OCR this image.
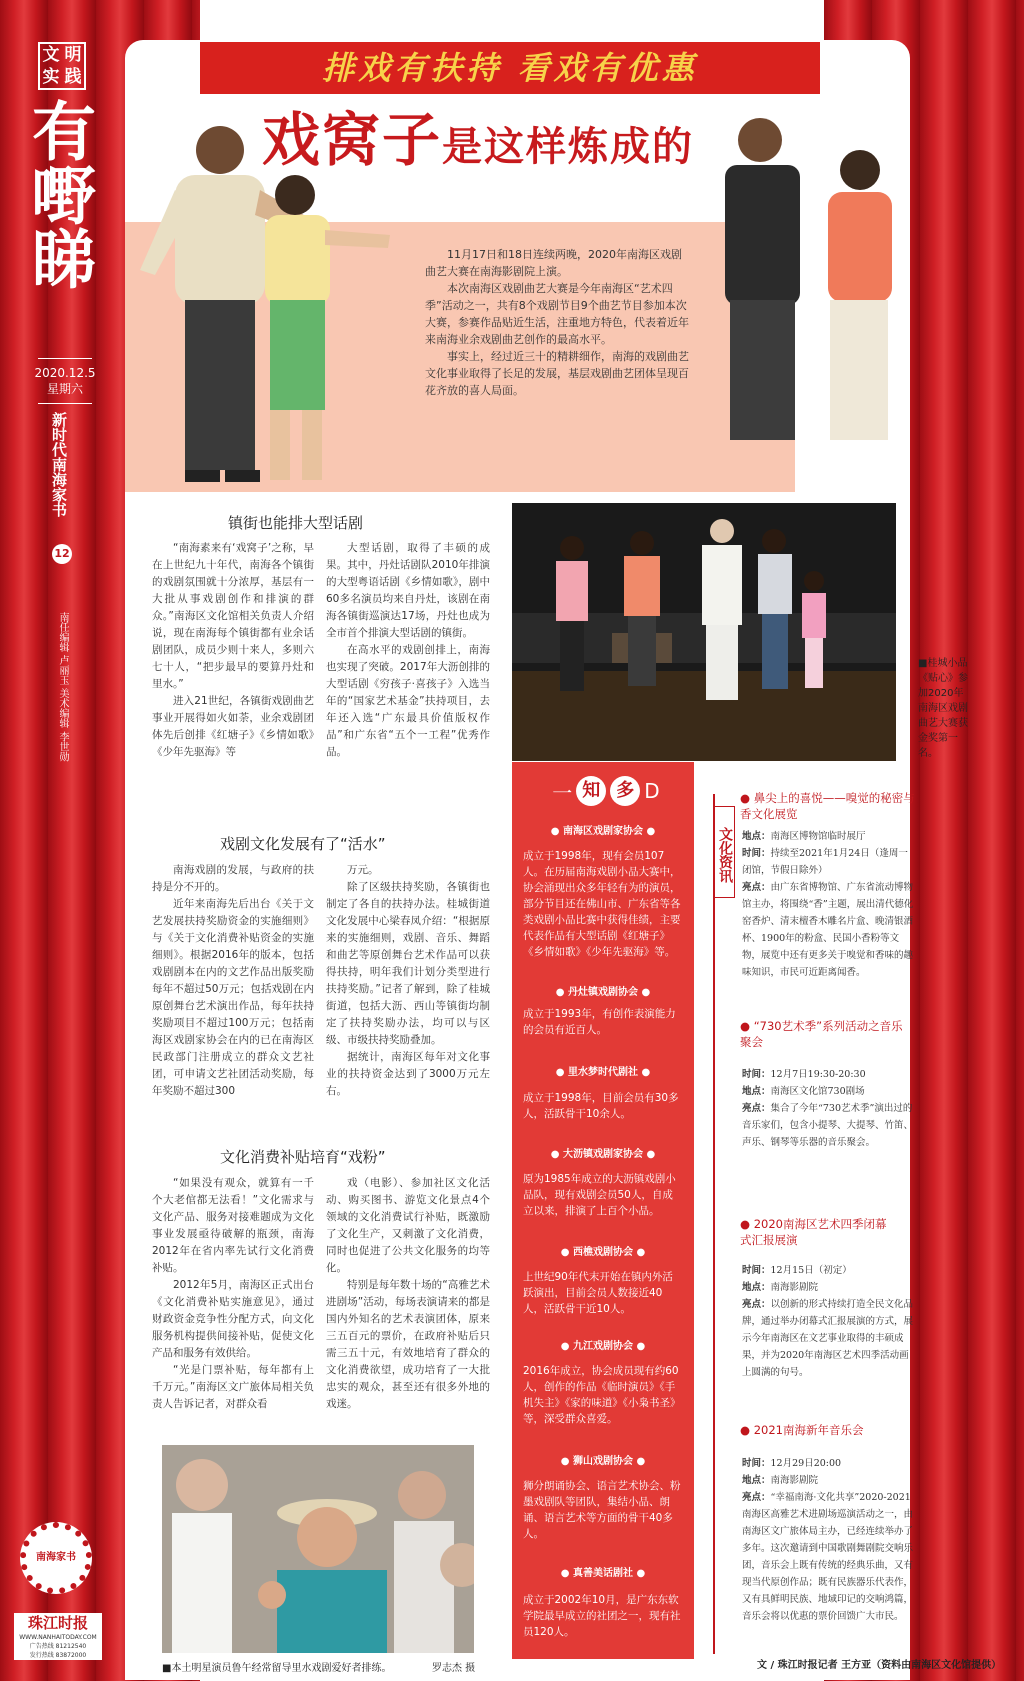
文 明
实 践
有嘢睇
2020.12.5
星期六
新时代南海家书
12
南任编辑 卢丽玉 美术编辑 李世勋
排戏有扶持 看戏有优惠
戏窝子是这样炼成的

11月17日和18日连续两晚，2020年南海区戏剧曲艺大赛在南海影剧院上演。

本次南海区戏剧曲艺大赛是今年南海区“艺术四季”活动之一，共有8个戏剧节目9个曲艺节目参加本次大赛，参赛作品贴近生活，注重地方特色，代表着近年来南海业余戏剧曲艺创作的最高水平。

事实上，经过近三十的精耕细作，南海的戏剧曲艺文化事业取得了长足的发展，基层戏剧曲艺团体呈现百花齐放的喜人局面。

镇街也能排大型话剧

“南海素来有‘戏窝子’之称，早在上世纪九十年代，南海各个镇街的戏剧氛围就十分浓厚，基层有一大批从事戏剧创作和排演的群众。”南海区文化馆相关负责人介绍说，现在南海每个镇街都有业余话剧团队，成员少则十来人，多则六七十人，“把步最早的要算丹灶和里水。”

进入21世纪，各镇街戏剧曲艺事业开展得如火如荼，业余戏剧团体先后创排《红塘子》《乡情如歌》《少年先驱海》等

大型话剧，取得了丰硕的成果。其中，丹灶话剧队2010年排演的大型粤语话剧《乡情如歌》，剧中60多名演员均来自丹灶，该剧在南海各镇街巡演达17场，丹灶也成为全市首个排演大型话剧的镇街。

在高水平的戏剧创排上，南海也实现了突破。2017年大沥创排的大型话剧《穷孩子·喜孩子》入选当年的“国家艺术基金”扶持项目，去年还入选“广东最具价值版权作品”和广东省“五个一工程”优秀作品。

戏剧文化发展有了“活水”

南海戏剧的发展，与政府的扶持是分不开的。

近年来南海先后出台《关于文艺发展扶持奖励资金的实施细则》与《关于文化消费补贴资金的实施细则》。根据2016年的版本，包括戏剧剧本在内的文艺作品出版奖励每年不超过50万元；包括戏剧在内原创舞台艺术演出作品，每年扶持奖励项目不超过100万元；包括南海区戏剧家协会在内的已在南海区民政部门注册成立的群众文艺社团，可申请文艺社团活动奖励，每年奖励不超过300

万元。

除了区级扶持奖励，各镇街也制定了各自的扶持办法。桂城街道文化发展中心梁春凤介绍：“根据原来的实施细则，戏剧、音乐、舞蹈和曲艺等原创舞台艺术作品可以获得扶持，明年我们计划分类型进行扶持奖励。”记者了解到，除了桂城街道，包括大沥、西山等镇街均制定了扶持奖励办法，均可以与区级、市级扶持奖励叠加。

据统计，南海区每年对文化事业的扶持资金达到了3000万元左右。

文化消费补贴培育“戏粉”

“如果没有观众，就算有一千个大老倌都无法看！”文化需求与文化产品、服务对接难题成为文化事业发展亟待破解的瓶颈，南海2012年在省内率先试行文化消费补贴。

2012年5月，南海区正式出台《文化消费补贴实施意见》，通过财政资金竞争性分配方式，向文化服务机构提供间接补贴，促使文化产品和服务有效供给。

“光是门票补贴，每年都有上千万元。”南海区文广旅体局相关负责人告诉记者，对群众看

戏（电影）、参加社区文化活动、购买图书、游览文化景点4个领域的文化消费试行补贴，既激励了文化生产，又刺激了文化消费，同时也促进了公共文化服务的均等化。

特别是每年数十场的“高雅艺术进剧场”活动，每场表演请来的都是国内外知名的艺术表演团体，原来三五百元的票价，在政府补贴后只需三五十元，有效地培育了群众的文化消费欲望，成功培育了一大批忠实的观众，甚至还有很多外地的戏迷。

■桂城小品《贴心》参加2020年南海区戏剧曲艺大赛获金奖第一名。
一 知 多 D
● 南海区戏剧家协会 ●
成立于1998年，现有会员107人。在历届南海戏剧小品大赛中，协会涌现出众多年轻有为的演员，部分节目还在佛山市、广东省等各类戏剧小品比赛中获得佳绩，主要代表作品有大型话剧《红塘子》《乡情如歌》《少年先驱海》等。
● 丹灶镇戏剧协会 ●
成立于1993年，有创作表演能力的会员有近百人。
● 里水梦时代剧社 ●
成立于1998年，目前会员有30多人，活跃骨干10余人。
● 大沥镇戏剧家协会 ●
原为1985年成立的大沥镇戏剧小品队，现有戏剧会员50人，自成立以来，排演了上百个小品。
● 西樵戏剧协会 ●
上世纪90年代末开始在镇内外活跃演出，目前会员人数接近40人，活跃骨干近10人。
● 九江戏剧协会 ●
2016年成立，协会成员现有约60人，创作的作品《临时演员》《手机失主》《家的味道》《小枭书圣》等，深受群众喜爱。
● 狮山戏剧协会 ●
狮分朗诵协会、语言艺术协会、粉墨戏剧队等团队，集结小品、朗诵、语言艺术等方面的骨干40多人。
● 真善美话剧社 ●
成立于2002年10月，是广东东软学院最早成立的社团之一，现有社员120人。
文化资讯
● 鼻尖上的喜悦——嗅觉的秘密与香文化展览
地点：南海区博物馆临时展厅
时间：持续至2021年1月24日（逢周一闭馆，节假日除外）
亮点：由广东省博物馆、广东省流动博物馆主办，将围绕“香”主题，展出清代德化窑香炉、清末檀香木雕名片盒、晚清银酒杯、1900年的粉盒、民国小香粉等文物，展览中还有更多关于嗅觉和香味的趣味知识，市民可近距离闻香。
● “730艺术季”系列活动之音乐聚会
时间：12月7日19:30-20:30
地点：南海区文化馆730剧场
亮点：集合了今年“730艺术季”演出过的音乐家们，包含小提琴、大提琴、竹笛、声乐、钢琴等乐器的音乐聚会。
● 2020南海区艺术四季闭幕式汇报展演
时间：12月15日（初定）
地点：南海影剧院
亮点：以创新的形式持续打造全民文化品牌，通过举办闭幕式汇报展演的方式，展示今年南海区在文艺事业取得的丰硕成果，并为2020年南海区艺术四季活动画上圆满的句号。
● 2021南海新年音乐会
时间：12月29日20:00
地点：南海影剧院
亮点：“幸福南海·文化共享”2020-2021南海区高雅艺术进剧场巡演活动之一，由南海区文广旅体局主办，已经连续举办了多年。这次邀请到中国歌剧舞剧院交响乐团，音乐会上既有传统的经典乐曲，又有现当代原创作品；既有民族器乐代表作，又有具鲜明民族、地域印记的交响鸿篇，音乐会将以优惠的票价回馈广大市民。
■本土明星演员鲁午经常留导里水戏剧爱好者排练。	罗志杰 摄	文 / 珠江时报记者 王方亚（资料由南海区文化馆提供）
南海家书
珠江时报
WWW.NANHAITODAY.COM
广告热线 81212540
发行热线 83872000
